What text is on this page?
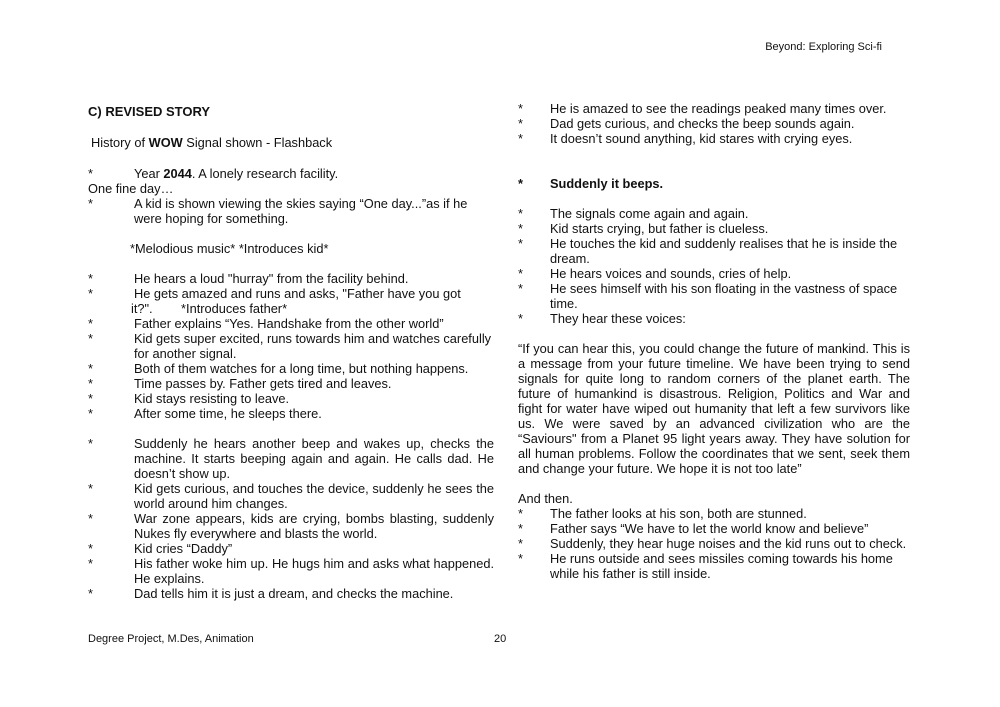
Beyond: Exploring Sci-fi
C) REVISED STORY
History of WOW Signal shown - Flashback
*	Year 2044. A lonely research facility.
One fine day…
*	A kid is shown viewing the skies saying “One day...”as if he were hoping for something.
*Melodious music* *Introduces kid*
*	He hears a loud "hurray" from the facility behind.
*	He gets amazed and runs and asks, "Father have you got
it?".        *Introduces father*
*	Father explains “Yes. Handshake from the other world”
*	Kid gets super excited, runs towards him and watches carefully for another signal.
*	Both of them watches for a long time, but nothing happens.
*	Time passes by. Father gets tired and leaves.
*	Kid stays resisting to leave.
*	After some time, he sleeps there.
*	Suddenly he hears another beep and wakes up, checks the machine. It starts beeping again and again. He calls dad. He doesn’t show up.
*	Kid gets curious, and touches the device, suddenly he sees the world around him changes.
*	War zone appears, kids are crying, bombs blasting, suddenly Nukes fly everywhere and blasts the world.
*	Kid cries “Daddy”
*	His father woke him up. He hugs him and asks what happened. He explains.
*	Dad tells him it is just a dream, and checks the machine.
*	He is amazed to see the readings peaked many times over.
*	Dad gets curious, and checks the beep sounds again.
*	It doesn’t sound anything, kid stares with crying eyes.
*	Suddenly it beeps.
*	The signals come again and again.
*	Kid starts crying, but father is clueless.
*	He touches the kid and suddenly realises that he is inside the dream.
*	He hears voices and sounds, cries of help.
*	He sees himself with his son floating in the vastness of space time.
*	They hear these voices:
“If you can hear this, you could change the future of mankind. This is a message from your future timeline. We have been trying to send signals for quite long to random corners of the planet earth. The future of humankind is disastrous. Religion, Politics and War and fight for water have wiped out humanity that left a few survivors like us. We were saved by an advanced civilization who are the “Saviours" from a Planet 95 light years away. They have solution for all human problems. Follow the coordinates that we sent, seek them and change your future. We hope it is not too late”
And then.
*	The father looks at his son, both are stunned.
*	Father says “We have to let the world know and believe”
*	Suddenly, they hear huge noises and the kid runs out to check.
*	He runs outside and sees missiles coming towards his home while his father is still inside.
Degree Project, M.Des, Animation	20
